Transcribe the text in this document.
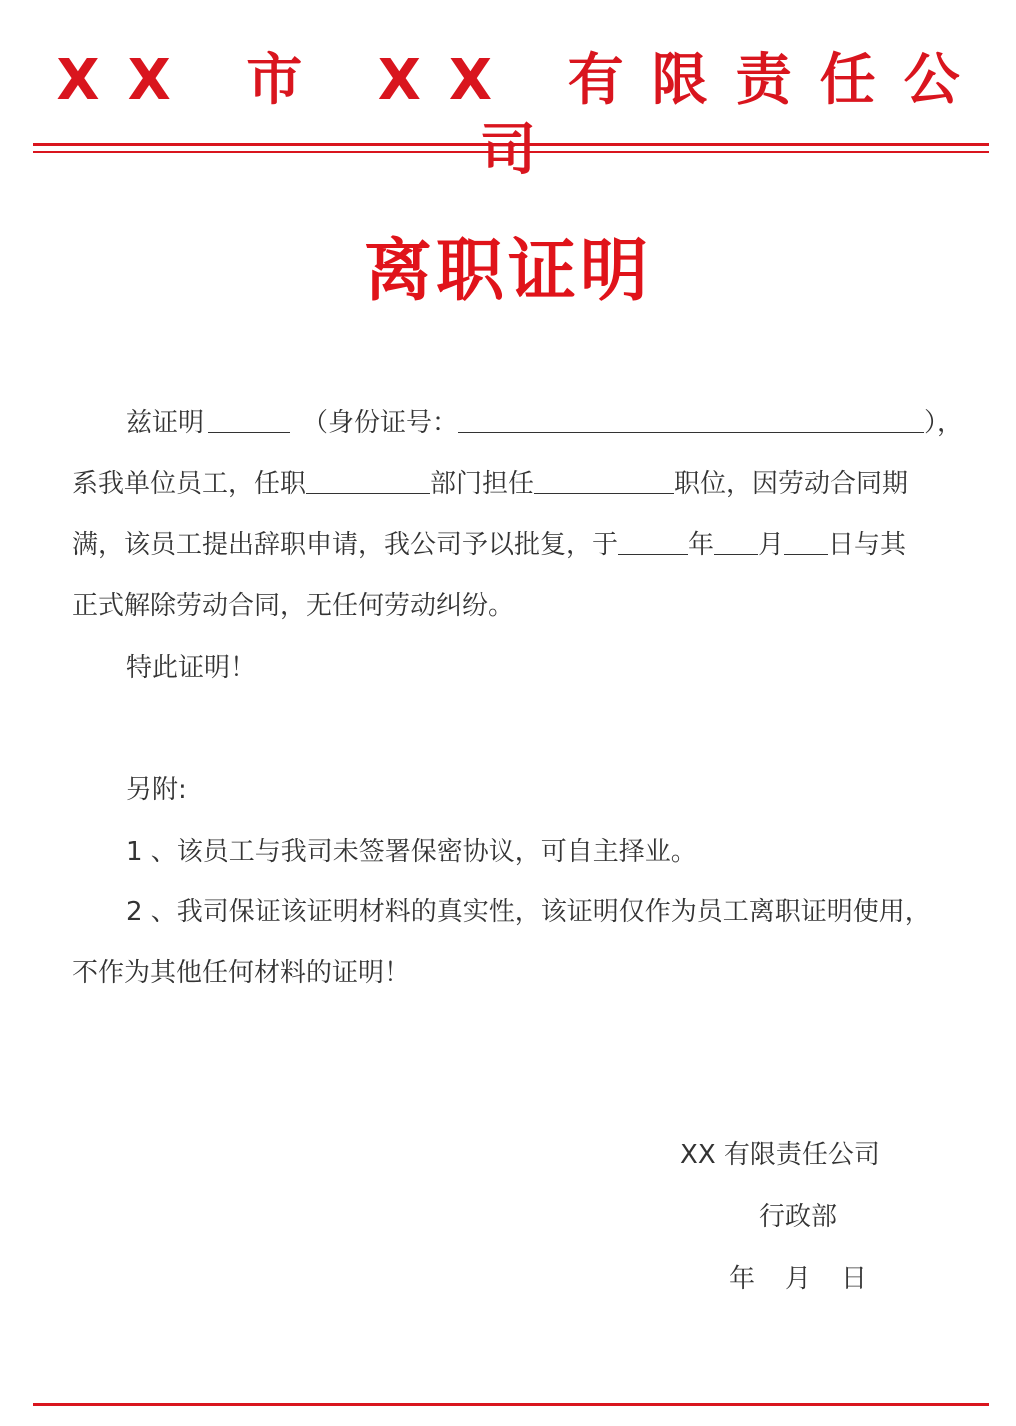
XX 市 XX 有限责任公
离职证明
兹证明	（身份证号：	），
系我单位员工，任职	部门担任	职位，因劳动合同期
满，该员工提出辞职申请，我公司予以批复，于	年 月 日与其
正式解除劳动合同，无任何劳动纠纷。
特此证明！
另附:
1 、该员工与我司未签署保密协议，可自主择业。
2 、我司保证该证明材料的真实性，该证明仅作为员工离职证明使用，
不作为其他任何材料的证明！
XX 有限责任公司
行政部
年 月 日
